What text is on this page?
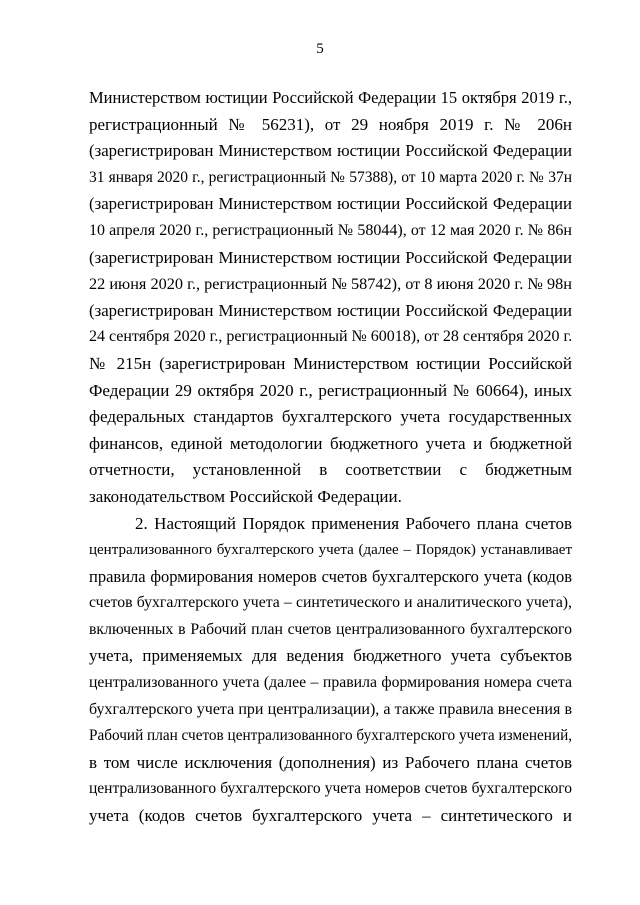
5
Министерством юстиции Российской Федерации 15 октября 2019 г.,
регистрационный № 56231), от 29 ноября 2019 г. № 206н
(зарегистрирован Министерством юстиции Российской Федерации
31 января 2020 г., регистрационный № 57388), от 10 марта 2020 г. № 37н
(зарегистрирован Министерством юстиции Российской Федерации
10 апреля 2020 г., регистрационный № 58044), от 12 мая 2020 г. № 86н
(зарегистрирован Министерством юстиции Российской Федерации
22 июня 2020 г., регистрационный № 58742), от 8 июня 2020 г. № 98н
(зарегистрирован Министерством юстиции Российской Федерации
24 сентября 2020 г., регистрационный № 60018), от 28 сентября 2020 г.
№ 215н (зарегистрирован Министерством юстиции Российской
Федерации 29 октября 2020 г., регистрационный № 60664), иных
федеральных стандартов бухгалтерского учета государственных
финансов, единой методологии бюджетного учета и бюджетной
отчетности, установленной в соответствии с бюджетным
законодательством Российской Федерации.
2. Настоящий Порядок применения Рабочего плана счетов
централизованного бухгалтерского учета (далее – Порядок) устанавливает
правила формирования номеров счетов бухгалтерского учета (кодов
счетов бухгалтерского учета – синтетического и аналитического учета),
включенных в Рабочий план счетов централизованного бухгалтерского
учета, применяемых для ведения бюджетного учета субъектов
централизованного учета (далее – правила формирования номера счета
бухгалтерского учета при централизации), а также правила внесения в
Рабочий план счетов централизованного бухгалтерского учета изменений,
в том числе исключения (дополнения) из Рабочего плана счетов
централизованного бухгалтерского учета номеров счетов бухгалтерского
учета (кодов счетов бухгалтерского учета – синтетического и
